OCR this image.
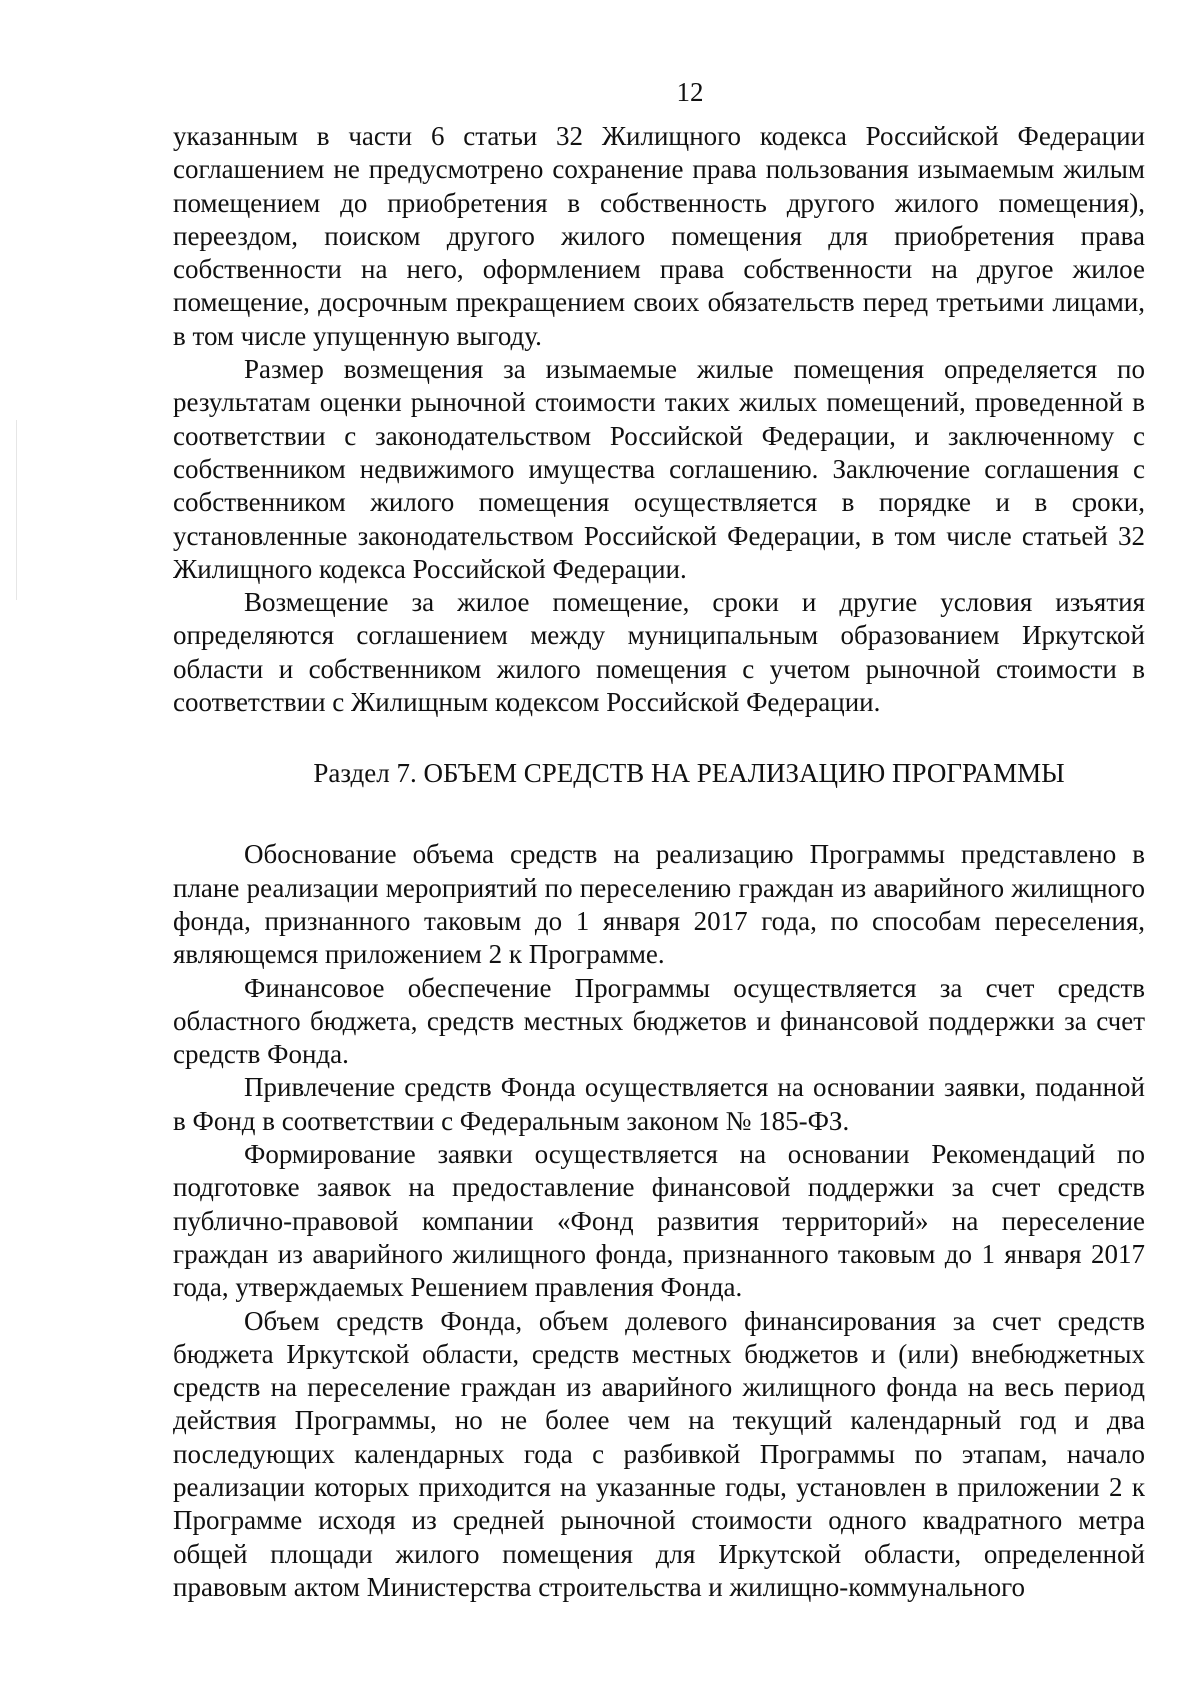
12

указанным в части 6 статьи 32 Жилищного кодекса Российской Федерации соглашением не предусмотрено сохранение права пользования изымаемым жилым помещением до приобретения в собственность другого жилого помещения), переездом, поиском другого жилого помещения для приобретения права собственности на него, оформлением права собственности на другое жилое помещение, досрочным прекращением своих обязательств перед третьими лицами, в том числе упущенную выгоду.

Размер возмещения за изымаемые жилые помещения определяется по результатам оценки рыночной стоимости таких жилых помещений, проведенной в соответствии с законодательством Российской Федерации, и заключенному с собственником недвижимого имущества соглашению. Заключение соглашения с собственником жилого помещения осуществляется в порядке и в сроки, установленные законодательством Российской Федерации, в том числе статьей 32 Жилищного кодекса Российской Федерации.

Возмещение за жилое помещение, сроки и другие условия изъятия определяются соглашением между муниципальным образованием Иркутской области и собственником жилого помещения с учетом рыночной стоимости в соответствии с Жилищным кодексом Российской Федерации.

Раздел 7. ОБЪЕМ СРЕДСТВ НА РЕАЛИЗАЦИЮ ПРОГРАММЫ

Обоснование объема средств на реализацию Программы представлено в плане реализации мероприятий по переселению граждан из аварийного жилищного фонда, признанного таковым до 1 января 2017 года, по способам переселения, являющемся приложением 2 к Программе.

Финансовое обеспечение Программы осуществляется за счет средств областного бюджета, средств местных бюджетов и финансовой поддержки за счет средств Фонда.

Привлечение средств Фонда осуществляется на основании заявки, поданной в Фонд в соответствии с Федеральным законом № 185-ФЗ.

Формирование заявки осуществляется на основании Рекомендаций по подготовке заявок на предоставление финансовой поддержки за счет средств публично-правовой компании «Фонд развития территорий» на переселение граждан из аварийного жилищного фонда, признанного таковым до 1 января 2017 года, утверждаемых Решением правления Фонда.

Объем средств Фонда, объем долевого финансирования за счет средств бюджета Иркутской области, средств местных бюджетов и (или) внебюджетных средств на переселение граждан из аварийного жилищного фонда на весь период действия Программы, но не более чем на текущий календарный год и два последующих календарных года с разбивкой Программы по этапам, начало реализации которых приходится на указанные годы, установлен в приложении 2 к Программе исходя из средней рыночной стоимости одного квадратного метра общей площади жилого помещения для Иркутской области, определенной правовым актом Министерства строительства и жилищно-коммунального
